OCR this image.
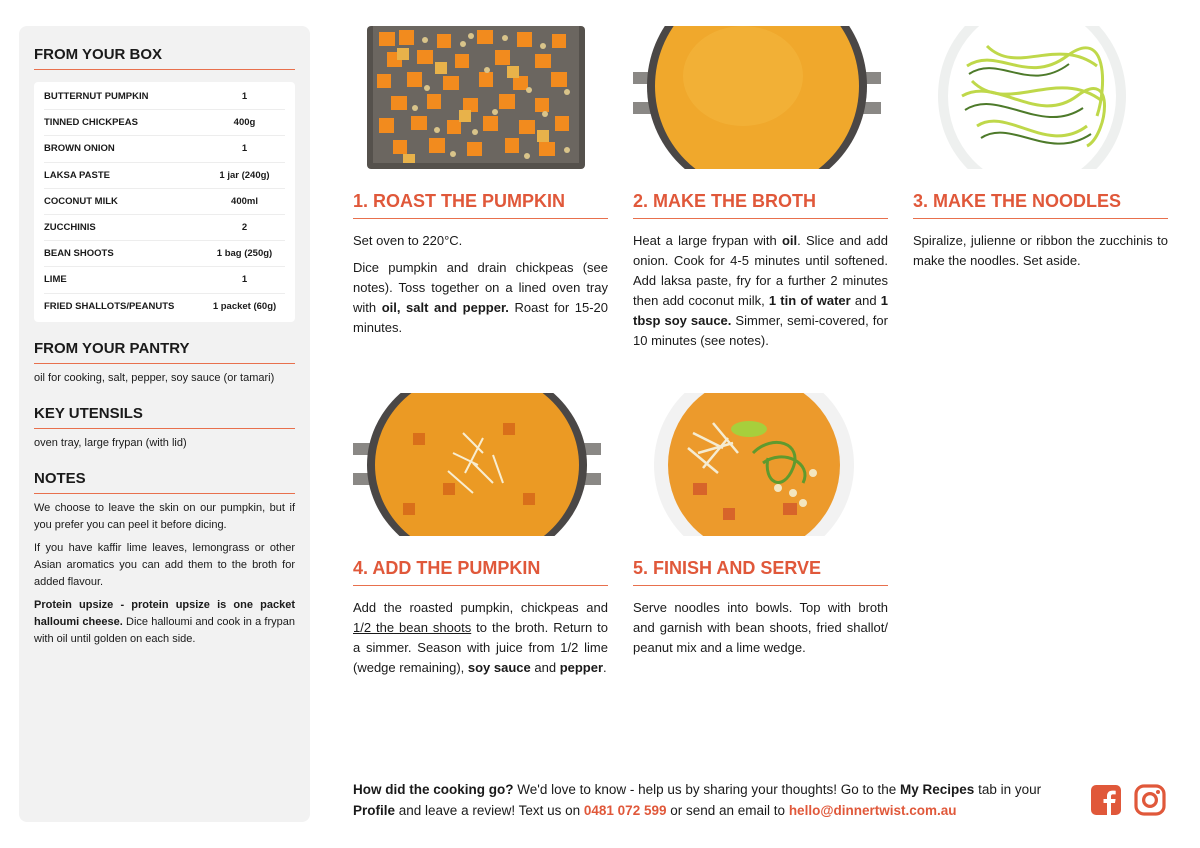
FROM YOUR BOX
BUTTERNUT PUMPKIN	1
TINNED CHICKPEAS	400g
BROWN ONION	1
LAKSA PASTE	1 jar (240g)
COCONUT MILK	400ml
ZUCCHINIS	2
BEAN SHOOTS	1 bag (250g)
LIME	1
FRIED SHALLOTS/PEANUTS	1 packet (60g)
FROM YOUR PANTRY
oil for cooking, salt, pepper, soy sauce (or tamari)
KEY UTENSILS
oven tray, large frypan (with lid)
NOTES
We choose to leave the skin on our pumpkin, but if you prefer you can peel it before dicing.
If you have kaffir lime leaves, lemongrass or other Asian aromatics you can add them to the broth for added flavour.
Protein upsize - protein upsize is one packet halloumi cheese. Dice halloumi and cook in a frypan with oil until golden on each side.
1. ROAST THE PUMPKIN

Set oven to 220°C.

Dice pumpkin and drain chickpeas (see notes). Toss together on a lined oven tray with oil, salt and pepper. Roast for 15-20 minutes.

2. MAKE THE BROTH

Heat a large frypan with oil. Slice and add onion. Cook for 4-5 minutes until softened. Add laksa paste, fry for a further 2 minutes then add coconut milk, 1 tin of water and 1 tbsp soy sauce. Simmer, semi-covered, for 10 minutes (see notes).

3. MAKE THE NOODLES

Spiralize, julienne or ribbon the zucchinis to make the noodles. Set aside.

4. ADD THE PUMPKIN

Add the roasted pumpkin, chickpeas and 1/2 the bean shoots to the broth. Return to a simmer. Season with juice from 1/2 lime (wedge remaining), soy sauce and pepper.

5. FINISH AND SERVE

Serve noodles into bowls. Top with broth and garnish with bean shoots, fried shallot/ peanut mix and a lime wedge.

How did the cooking go? We'd love to know - help us by sharing your thoughts! Go to the My Recipes tab in your Profile and leave a review! Text us on 0481 072 599 or send an email to hello@dinnertwist.com.au
